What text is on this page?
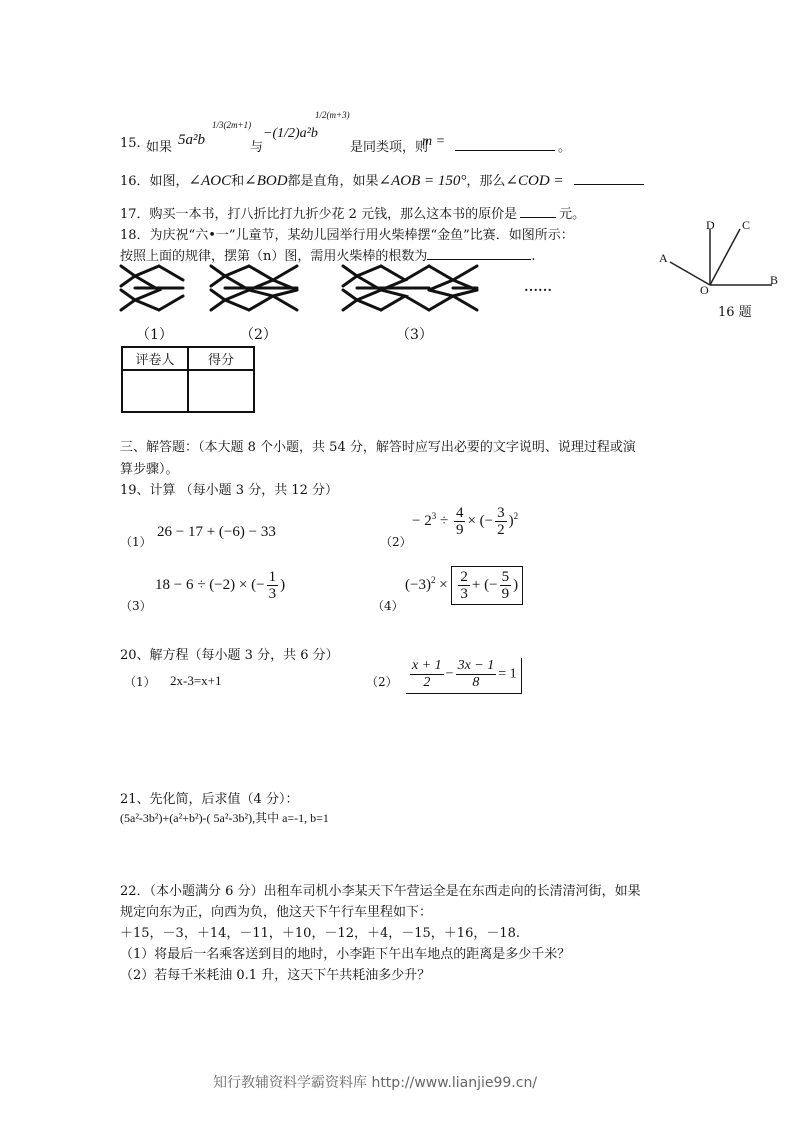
15. 如果 5a²b
1/3(2m+1)
与
−(1/2)a²b
1/2(m+3)
是同类项，则
m =	。
16．如图，∠AOC和∠BOD都是直角，如果∠AOB = 150°，那么∠COD =
17．购买一本书，打八折比打九折少花 2 元钱，那么这本书的原价是	元。
18．为庆祝“六•一”儿童节，某幼儿园举行用火柴棒摆“金鱼”比赛．如图所示：
按照上面的规律，摆第（n）图，需用火柴棒的根数为	.
……
（1）	（2）	（3）
D C
A
B
O
16 题
评卷人	得分

三、解答题：（本大题 8 个小题，共 54 分，解答时应写出必要的文字说明、说理过程或演
算步骤）。
19、计算 （每小题 3 分，共 12 分）
（1）
26 − 17 + (−6) − 33
（2）
− $2^3 \div \frac{4}{9}$ × (− $\frac{3}{2} )^2$
（3）
18 − 6 ÷ (−2) × (− $\frac{1}{3}$ )
（4）
$(-3)^2 \times \frac{2}{3}$ + (− $\frac{5}{9}$ )
20、解方程（每小题 3 分，共 6 分）
（1） 2x-3=x+1	$(2) \frac{x + 1}{2} - \frac{3x - 1}{8} = 1$
21、先化简，后求值（4 分）：
(5a²-3b²)+(a²+b²)-( 5a²-3b²),其中 a=-1, b=1
22．（本小题满分 6 分）出租车司机小李某天下午营运全是在东西走向的长清清河街，如果
规定向东为正，向西为负，他这天下午行车里程如下：
＋15，－3，＋14，－11，＋10，－12，＋4，－15，＋16，－18.
（1）将最后一名乘客送到目的地时，小李距下午出车地点的距离是多少千米？
（2）若每千米耗油 0.1 升，这天下午共耗油多少升？
知行教辅资料学霸资料库 http://www.lianjie99.cn/
